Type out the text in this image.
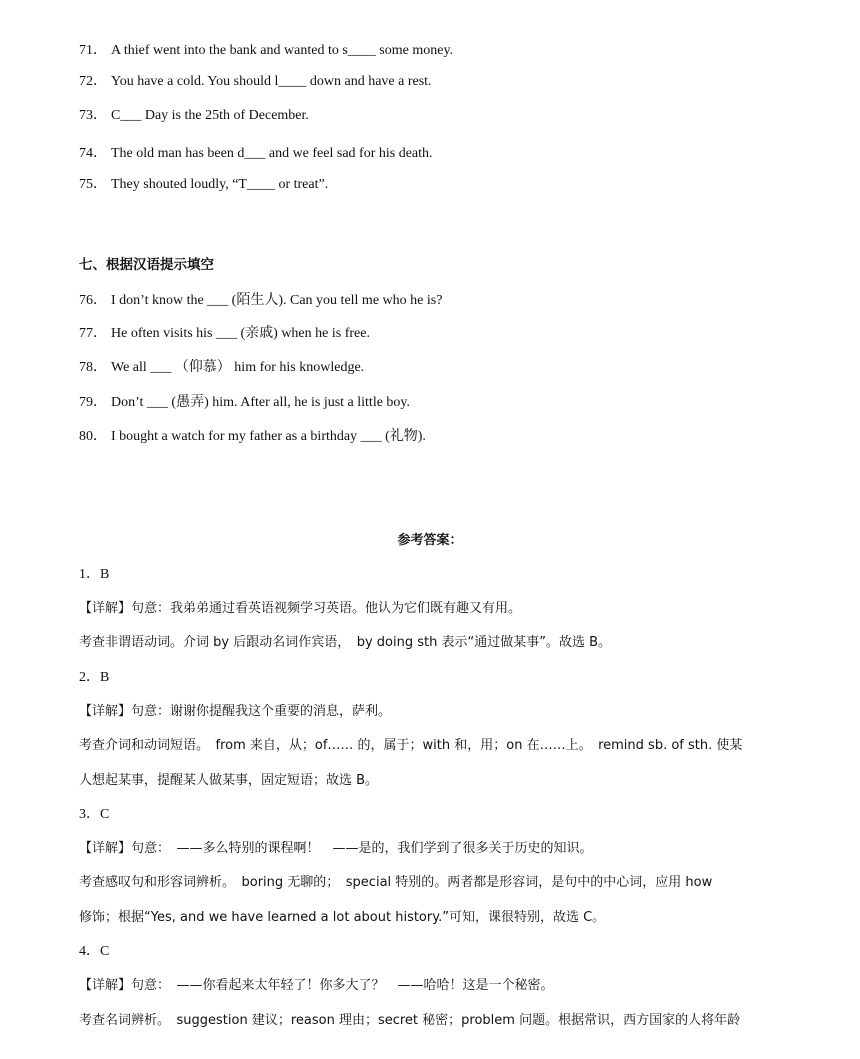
71． A thief went into the bank and wanted to s____ some money.
72． You have a cold. You should l____ down and have a rest.
73． C___ Day is the 25th of December.
74． The old man has been d___ and we feel sad for his death.
75． They shouted loudly, “T____ or treat”.
七、根据汉语提示填空
76． I don’t know the ___ (陌生人). Can you tell me who he is?
77． He often visits his ___ (亲戚) when he is free.
78． We all ___ （仰慕） him for his knowledge.
79． Don’t ___ (愚弄) him. After all, he is just a little boy.
80． I bought a watch for my father as a birthday ___ (礼物).
参考答案：
1．B
【详解】句意：我弟弟通过看英语视频学习英语。他认为它们既有趣又有用。
考查非谓语动词。介词 by 后跟动名词作宾语，　by doing sth 表示“通过做某事”。故选 B。
2．B
【详解】句意：谢谢你提醒我这个重要的消息，萨利。
考查介词和动词短语。　from 来自，从；of…… 的，属于；with 和，用；on 在……上。　remind sb. of sth. 使某
人想起某事，提醒某人做某事，固定短语；故选 B。
3．C
【详解】句意：　——多么特别的课程啊！　——是的，我们学到了很多关于历史的知识。
考查感叹句和形容词辨析。　boring 无聊的；　special 特别的。两者都是形容词，是句中的中心词，应用 how
修饰；根据“Yes, and we have learned a lot about history.”可知，课很特别，故选 C。
4．C
【详解】句意：　——你看起来太年轻了！你多大了？　——哈哈！这是一个秘密。
考查名词辨析。　suggestion 建议；reason 理由；secret 秘密；problem 问题。根据常识，西方国家的人将年龄
